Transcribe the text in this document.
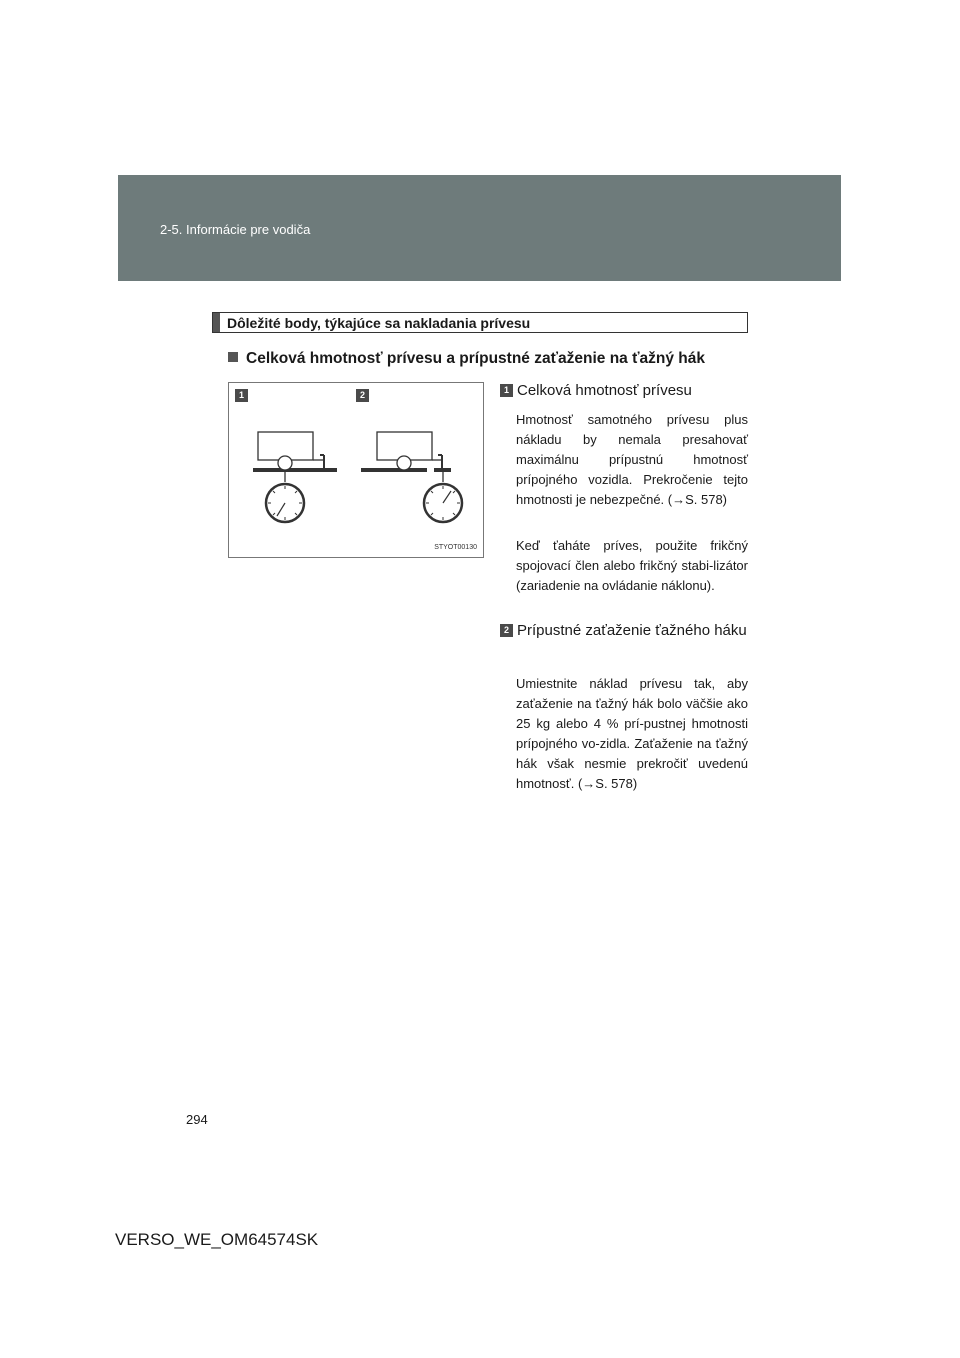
2-5. Informácie pre vodiča
Dôležité body, týkajúce sa nakladania prívesu
Celková hmotnosť prívesu a prípustné zaťaženie na ťažný hák
1	2
STYOT00130
1 Celková hmotnosť prívesu
Hmotnosť samotného prívesu plus nákladu by nemala presahovať maximálnu prípustnú hmotnosť prípojného vozidla. Prekročenie tejto hmotnosti je nebezpečné. (→S. 578)
Keď ťaháte príves, použite frikčný spojovací člen alebo frikčný stabi-lizátor (zariadenie na ovládanie náklonu).
2 Prípustné zaťaženie ťažného háku
Umiestnite náklad prívesu tak, aby zaťaženie na ťažný hák bolo väčšie ako 25 kg alebo 4 % prí-pustnej hmotnosti prípojného vo-zidla. Zaťaženie na ťažný hák však nesmie prekročiť uvedenú hmotnosť. (→S. 578)
294
VERSO_WE_OM64574SK
